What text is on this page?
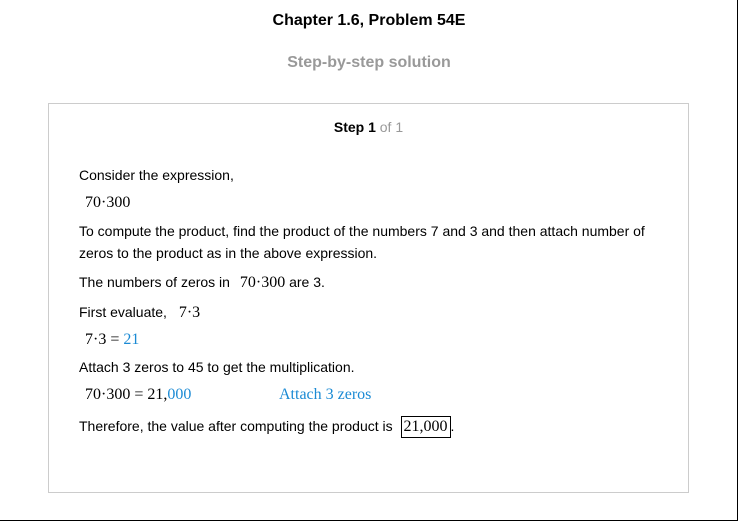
Chapter 1.6, Problem 54E
Step-by-step solution
Step 1 of 1
Consider the expression,
70·300
To compute the product, find the product of the numbers 7 and 3 and then attach number of
zeros to the product as in the above expression.
The numbers of zeros in 70·300 are 3.
First evaluate, 7·3
7·3 = 21
Attach 3 zeros to 45 to get the multiplication.
70·300 = 21,000	Attach 3 zeros
Therefore, the value after computing the product is 21,000 .
